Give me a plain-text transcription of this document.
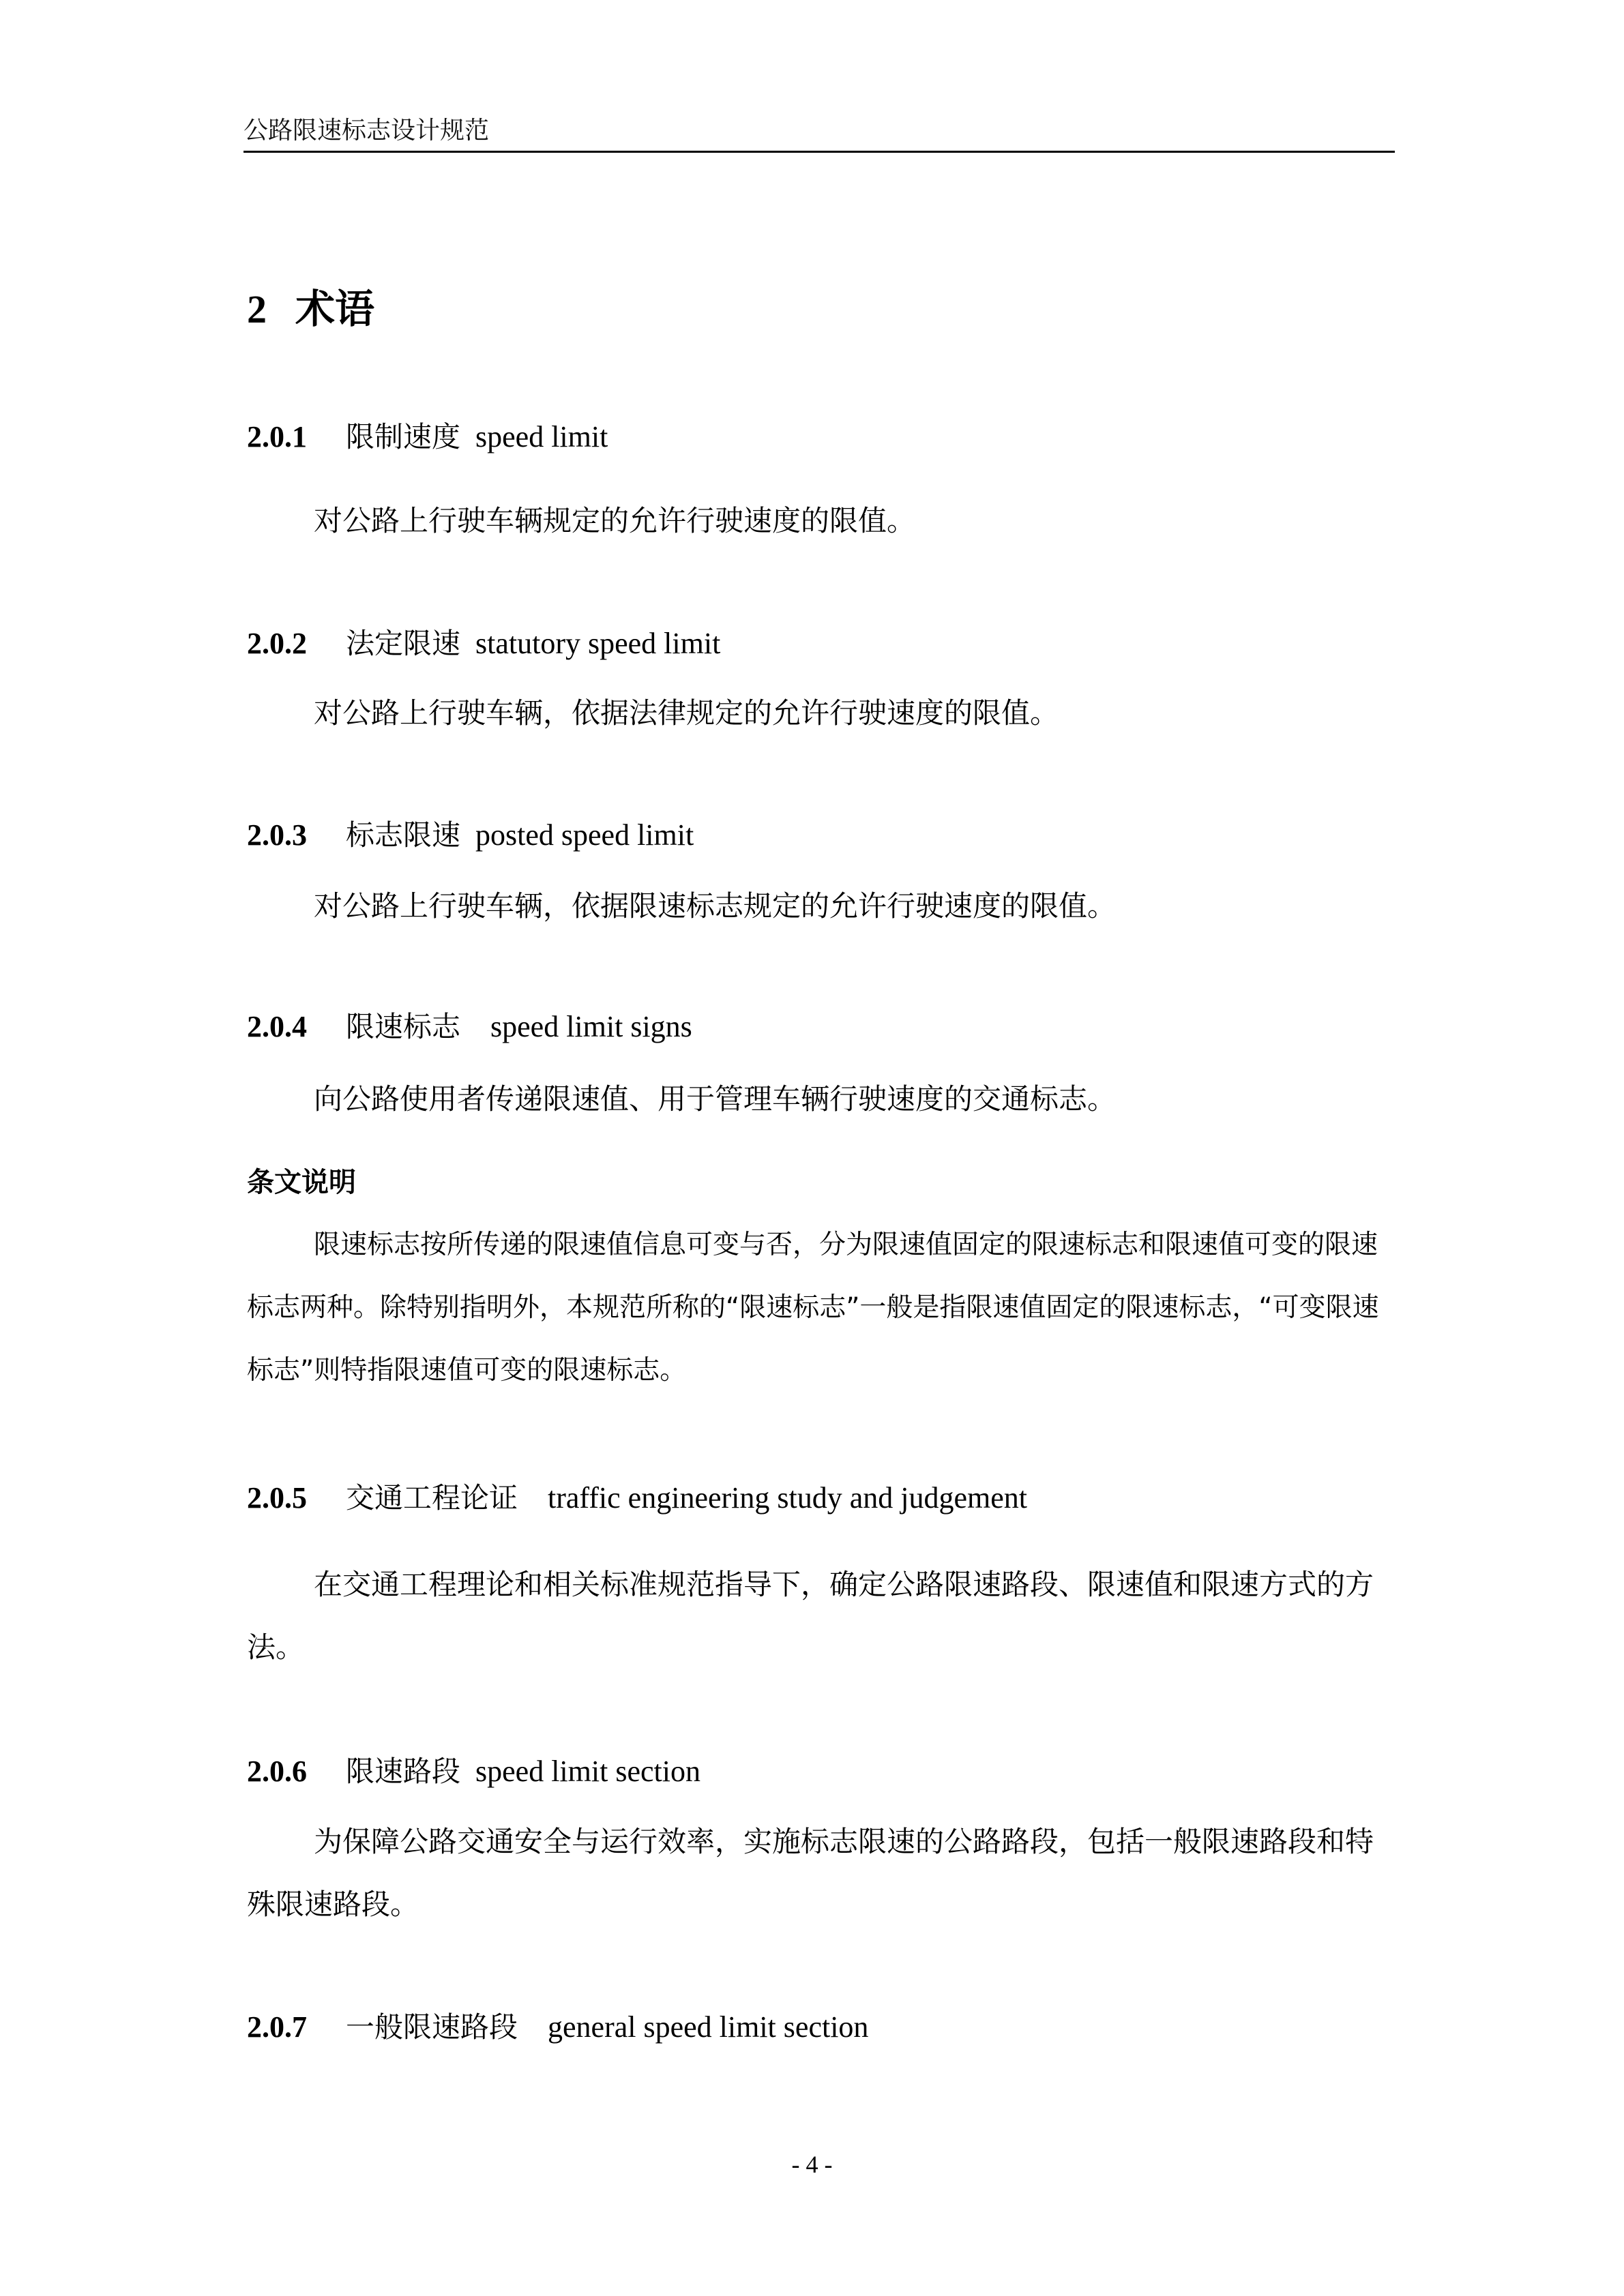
公路限速标志设计规范
2 术语
2.0.1 限制速度 speed limit

对公路上行驶车辆规定的允许行驶速度的限值。

2.0.2 法定限速 statutory speed limit

对公路上行驶车辆，依据法律规定的允许行驶速度的限值。

2.0.3 标志限速 posted speed limit

对公路上行驶车辆，依据限速标志规定的允许行驶速度的限值。

2.0.4 限速标志 speed limit signs

向公路使用者传递限速值、用于管理车辆行驶速度的交通标志。

条文说明

限速标志按所传递的限速值信息可变与否，分为限速值固定的限速标志和限速值可变的限速标志两种。除特别指明外，本规范所称的“限速标志”一般是指限速值固定的限速标志，“可变限速标志”则特指限速值可变的限速标志。

2.0.5 交通工程论证 traffic engineering study and judgement

在交通工程理论和相关标准规范指导下，确定公路限速路段、限速值和限速方式的方法。

2.0.6 限速路段 speed limit section

为保障公路交通安全与运行效率，实施标志限速的公路路段，包括一般限速路段和特殊限速路段。

2.0.7 一般限速路段 general speed limit section
- 4 -
